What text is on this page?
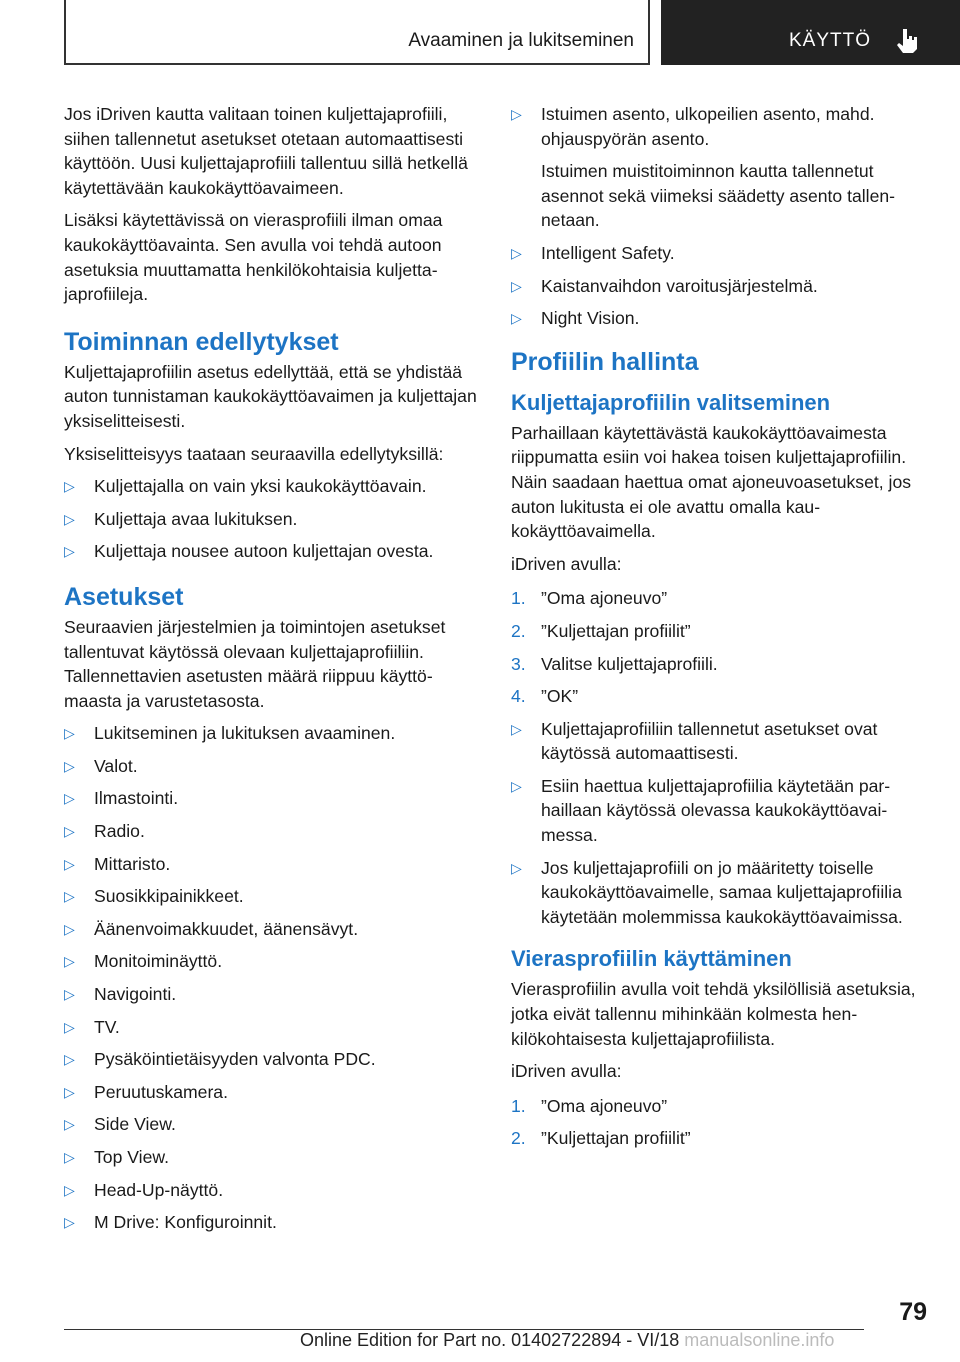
Avaaminen ja lukitseminen	KÄYTTÖ
Jos iDriven kautta valitaan toinen kuljettajaprofiili, siihen tallennetut asetukset otetaan automaattisesti käyttöön. Uusi kuljettajaprofiili tallentuu sillä hetkellä käytettävään kaukokäyttöavaimeen.
Lisäksi käytettävissä on vierasprofiili ilman omaa kaukokäyttöavainta. Sen avulla voi tehdä autoon asetuksia muuttamatta henkilökohtaisia kuljettajaprofiileja.
Toiminnan edellytykset
Kuljettajaprofiilin asetus edellyttää, että se yhdistää auton tunnistaman kaukokäyttöavaimen ja kuljettajan yksiselitteisesti.
Yksiselitteisyys taataan seuraavilla edellytyksillä:
▷ Kuljettajalla on vain yksi kaukokäyttöavain.
▷ Kuljettaja avaa lukituksen.
▷ Kuljettaja nousee autoon kuljettajan ovesta.
Asetukset
Seuraavien järjestelmien ja toimintojen asetukset tallentuvat käytössä olevaan kuljettajaprofiiliin. Tallennettavien asetusten määrä riippuu käyttömaasta ja varustetasosta.
▷ Lukitseminen ja lukituksen avaaminen.
▷ Valot.
▷ Ilmastointi.
▷ Radio.
▷ Mittaristo.
▷ Suosikkipainikkeet.
▷ Äänenvoimakkuudet, äänensävyt.
▷ Monitoiminäyttö.
▷ Navigointi.
▷ TV.
▷ Pysäköintietäisyyden valvonta PDC.
▷ Peruutuskamera.
▷ Side View.
▷ Top View.
▷ Head-Up-näyttö.
▷ M Drive: Konfiguroinnit.
▷ Istuimen asento, ulkopeilien asento, mahd. ohjauspyörän asento.
Istuimen muistitoiminnon kautta tallennetut asennot sekä viimeksi säädetty asento tallennetaan.
▷ Intelligent Safety.
▷ Kaistanvaihdon varoitusjärjestelmä.
▷ Night Vision.
Profiilin hallinta
Kuljettajaprofiilin valitseminen
Parhaillaan käytettävästä kaukokäyttöavaimesta riippumatta esiin voi hakea toisen kuljettajaprofiilin. Näin saadaan haettua omat ajoneuvoasetukset, jos auton lukitusta ei ole avattu omalla kaukokäyttöavaimella.
iDriven avulla:
1. ”Oma ajoneuvo”
2. ”Kuljettajan profiilit”
3. Valitse kuljettajaprofiili.
4. ”OK”
▷ Kuljettajaprofiiliin tallennetut asetukset ovat käytössä automaattisesti.
▷ Esiin haettua kuljettajaprofiilia käytetään parhaillaan käytössä olevassa kaukokäyttöavaimessa.
▷ Jos kuljettajaprofiili on jo määritetty toiselle kaukokäyttöavaimelle, samaa kuljettajaprofiilia käytetään molemmissa kaukokäyttöavaimissa.
Vierasprofiilin käyttäminen
Vierasprofiilin avulla voit tehdä yksilöllisiä asetuksia, jotka eivät tallennu mihinkään kolmesta henkilökohtaisesta kuljettajaprofiilista.
iDriven avulla:
1. ”Oma ajoneuvo”
2. ”Kuljettajan profiilit”
79
Online Edition for Part no. 01402722894 - VI/18 manualsonline.info
